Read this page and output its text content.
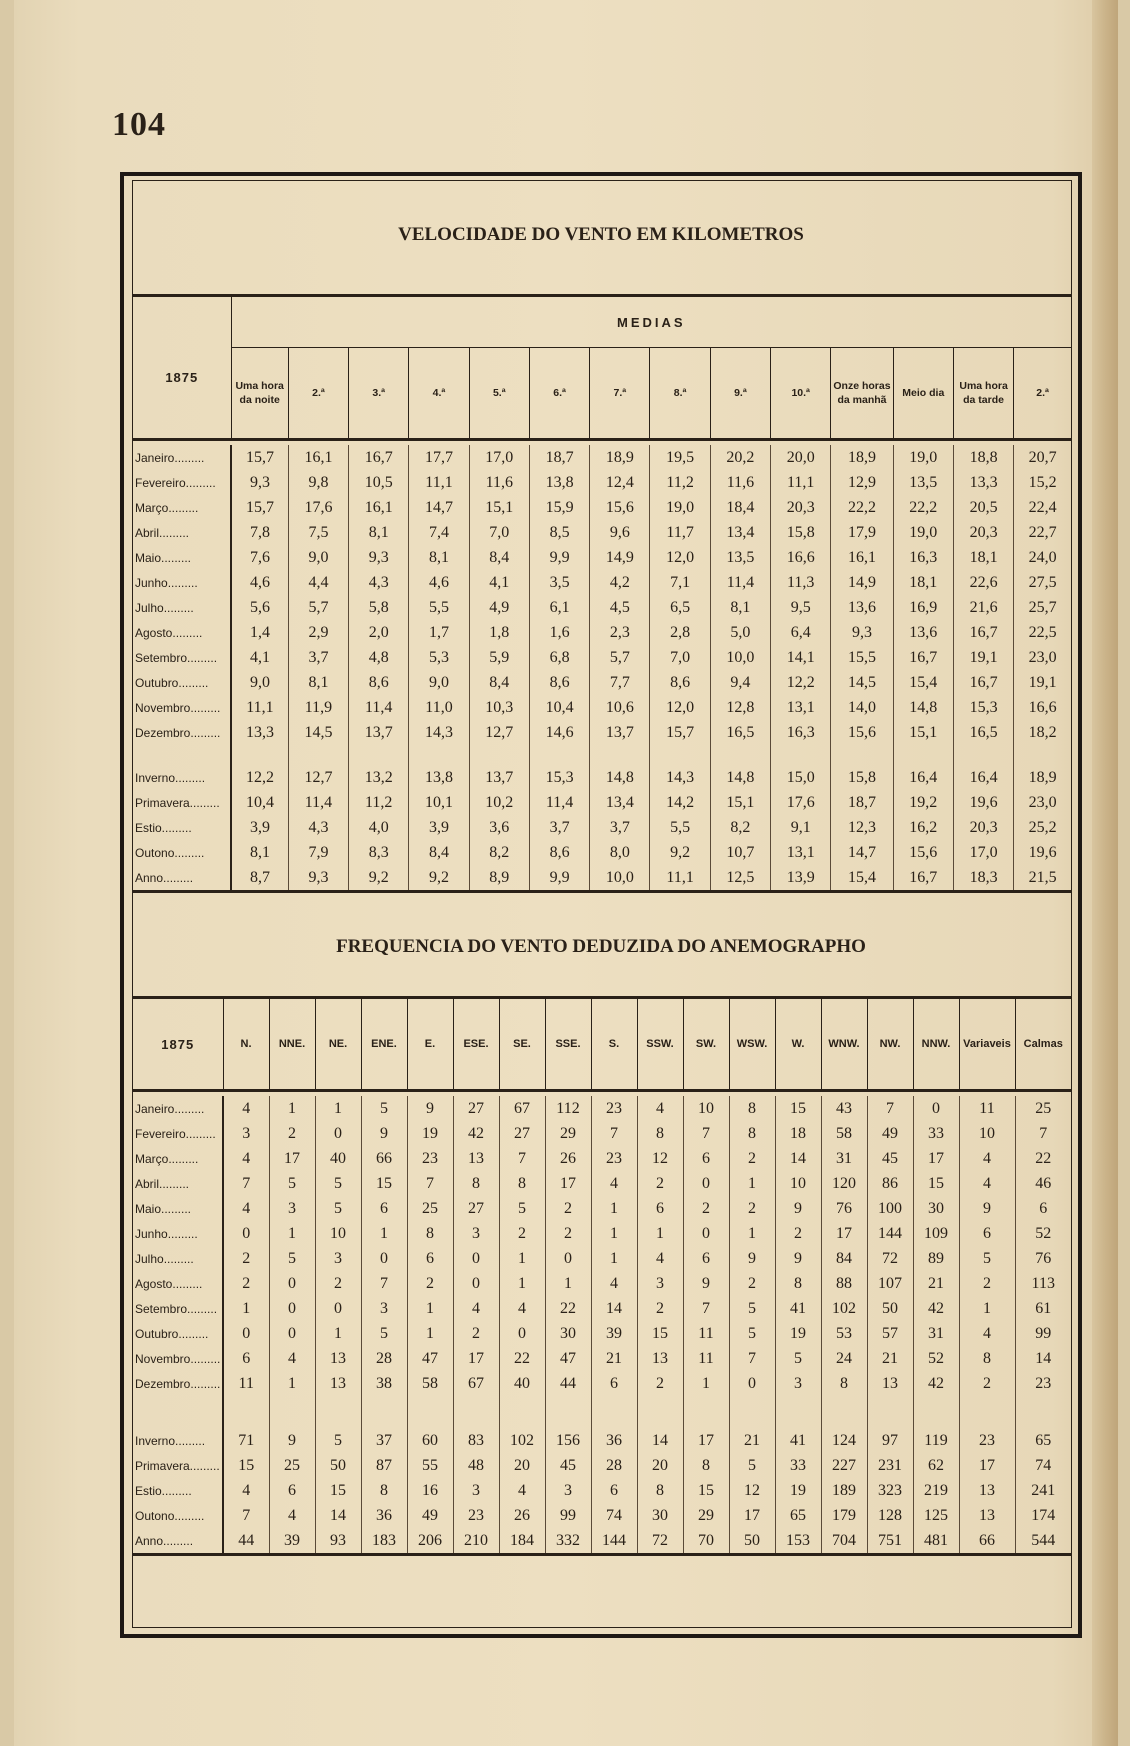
104
VELOCIDADE DO VENTO EM KILOMETROS

1875	MEDIAS													
	Uma hora da noite	2.ª	3.ª	4.ª	5.ª	6.ª	7.ª	8.ª	9.ª	10.ª	Onze horas da manhã	Meio dia	Uma hora da tarde	2.ª

Janeiro.........	15,7	16,1	16,7	17,7	17,0	18,7	18,9	19,5	20,2	20,0	18,9	19,0	18,8	20,7
Fevereiro.........	9,3	9,8	10,5	11,1	11,6	13,8	12,4	11,2	11,6	11,1	12,9	13,5	13,3	15,2
Março.........	15,7	17,6	16,1	14,7	15,1	15,9	15,6	19,0	18,4	20,3	22,2	22,2	20,5	22,4
Abril.........	7,8	7,5	8,1	7,4	7,0	8,5	9,6	11,7	13,4	15,8	17,9	19,0	20,3	22,7
Maio.........	7,6	9,0	9,3	8,1	8,4	9,9	14,9	12,0	13,5	16,6	16,1	16,3	18,1	24,0
Junho.........	4,6	4,4	4,3	4,6	4,1	3,5	4,2	7,1	11,4	11,3	14,9	18,1	22,6	27,5
Julho.........	5,6	5,7	5,8	5,5	4,9	6,1	4,5	6,5	8,1	9,5	13,6	16,9	21,6	25,7
Agosto.........	1,4	2,9	2,0	1,7	1,8	1,6	2,3	2,8	5,0	6,4	9,3	13,6	16,7	22,5
Setembro.........	4,1	3,7	4,8	5,3	5,9	6,8	5,7	7,0	10,0	14,1	15,5	16,7	19,1	23,0
Outubro.........	9,0	8,1	8,6	9,0	8,4	8,6	7,7	8,6	9,4	12,2	14,5	15,4	16,7	19,1
Novembro.........	11,1	11,9	11,4	11,0	10,3	10,4	10,6	12,0	12,8	13,1	14,0	14,8	15,3	16,6
Dezembro.........	13,3	14,5	13,7	14,3	12,7	14,6	13,7	15,7	16,5	16,3	15,6	15,1	16,5	18,2

Inverno.........	12,2	12,7	13,2	13,8	13,7	15,3	14,8	14,3	14,8	15,0	15,8	16,4	16,4	18,9
Primavera.........	10,4	11,4	11,2	10,1	10,2	11,4	13,4	14,2	15,1	17,6	18,7	19,2	19,6	23,0
Estio.........	3,9	4,3	4,0	3,9	3,6	3,7	3,7	5,5	8,2	9,1	12,3	16,2	20,3	25,2
Outono.........	8,1	7,9	8,3	8,4	8,2	8,6	8,0	9,2	10,7	13,1	14,7	15,6	17,0	19,6
Anno.........	8,7	9,3	9,2	9,2	8,9	9,9	10,0	11,1	12,5	13,9	15,4	16,7	18,3	21,5

FREQUENCIA DO VENTO DEDUZIDA DO ANEMOGRAPHO

1875	N.	NNE.	NE.	ENE.	E.	ESE.	SE.	SSE.	S.	SSW.	SW.	WSW.	W.	WNW.	NW.	NNW.	Variaveis	Calmas

Janeiro.........	4	1	1	5	9	27	67	112	23	4	10	8	15	43	7	0	11	25
Fevereiro.........	3	2	0	9	19	42	27	29	7	8	7	8	18	58	49	33	10	7
Março.........	4	17	40	66	23	13	7	26	23	12	6	2	14	31	45	17	4	22
Abril.........	7	5	5	15	7	8	8	17	4	2	0	1	10	120	86	15	4	46
Maio.........	4	3	5	6	25	27	5	2	1	6	2	2	9	76	100	30	9	6
Junho.........	0	1	10	1	8	3	2	2	1	1	0	1	2	17	144	109	6	52
Julho.........	2	5	3	0	6	0	1	0	1	4	6	9	9	84	72	89	5	76
Agosto.........	2	0	2	7	2	0	1	1	4	3	9	2	8	88	107	21	2	113
Setembro.........	1	0	0	3	1	4	4	22	14	2	7	5	41	102	50	42	1	61
Outubro.........	0	0	1	5	1	2	0	30	39	15	11	5	19	53	57	31	4	99
Novembro.........	6	4	13	28	47	17	22	47	21	13	11	7	5	24	21	52	8	14
Dezembro.........	11	1	13	38	58	67	40	44	6	2	1	0	3	8	13	42	2	23

Inverno.........	71	9	5	37	60	83	102	156	36	14	17	21	41	124	97	119	23	65
Primavera.........	15	25	50	87	55	48	20	45	28	20	8	5	33	227	231	62	17	74
Estio.........	4	6	15	8	16	3	4	3	6	8	15	12	19	189	323	219	13	241
Outono.........	7	4	14	36	49	23	26	99	74	30	29	17	65	179	128	125	13	174
Anno.........	44	39	93	183	206	210	184	332	144	72	70	50	153	704	751	481	66	544
